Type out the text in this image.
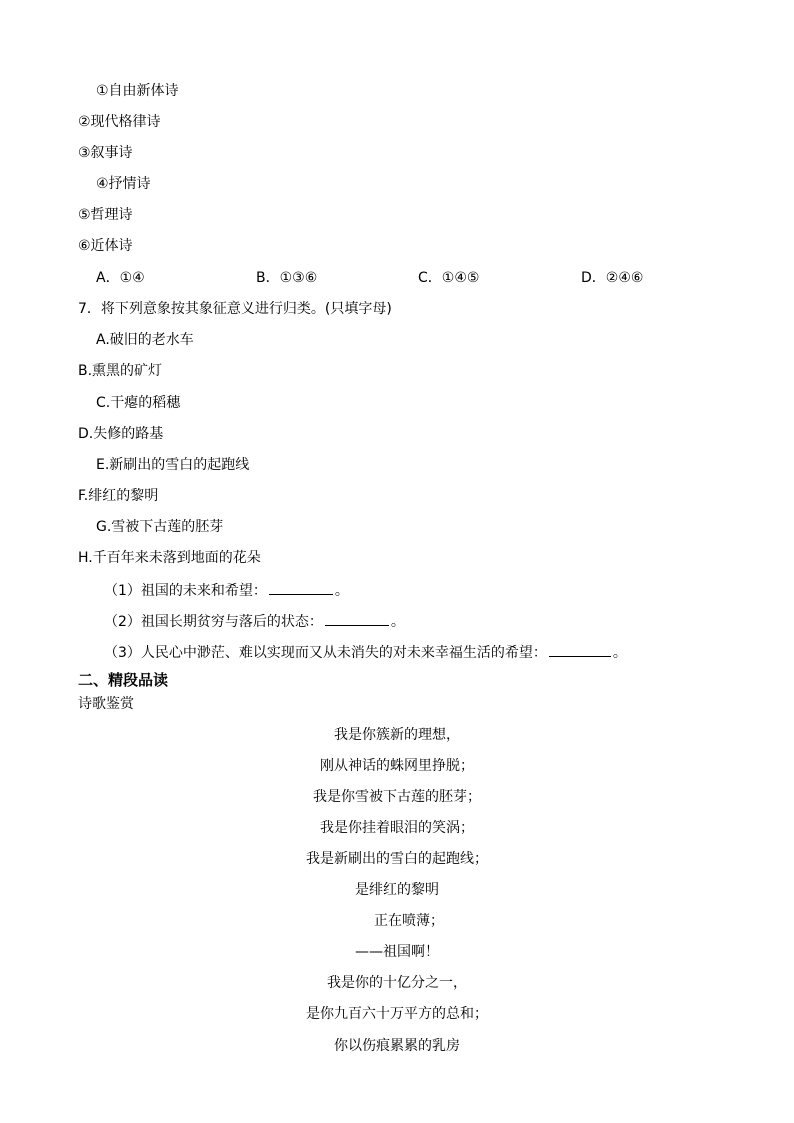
①自由新体诗
②现代格律诗
③叙事诗
④抒情诗
⑤哲理诗
⑥近体诗
A．①④	B．①③⑥	C．①④⑤	D．②④⑥
7．将下列意象按其象征意义进行归类。(只填字母)
A.破旧的老水车
B.熏黑的矿灯
C.干瘪的稻穗
D.失修的路基
E.新刷出的雪白的起跑线
F.绯红的黎明
G.雪被下古莲的胚芽
H.千百年来未落到地面的花朵
（1）祖国的未来和希望：	。
（2）祖国长期贫穷与落后的状态：	。
（3）人民心中渺茫、难以实现而又从未消失的对未来幸福生活的希望：	。
二、精段品读
诗歌鉴赏
我是你簇新的理想，
刚从神话的蛛网里挣脱；
我是你雪被下古莲的胚芽；
我是你挂着眼泪的笑涡；
我是新刷出的雪白的起跑线；
是绯红的黎明
正在喷薄；
——祖国啊！
我是你的十亿分之一，
是你九百六十万平方的总和；
你以伤痕累累的乳房
